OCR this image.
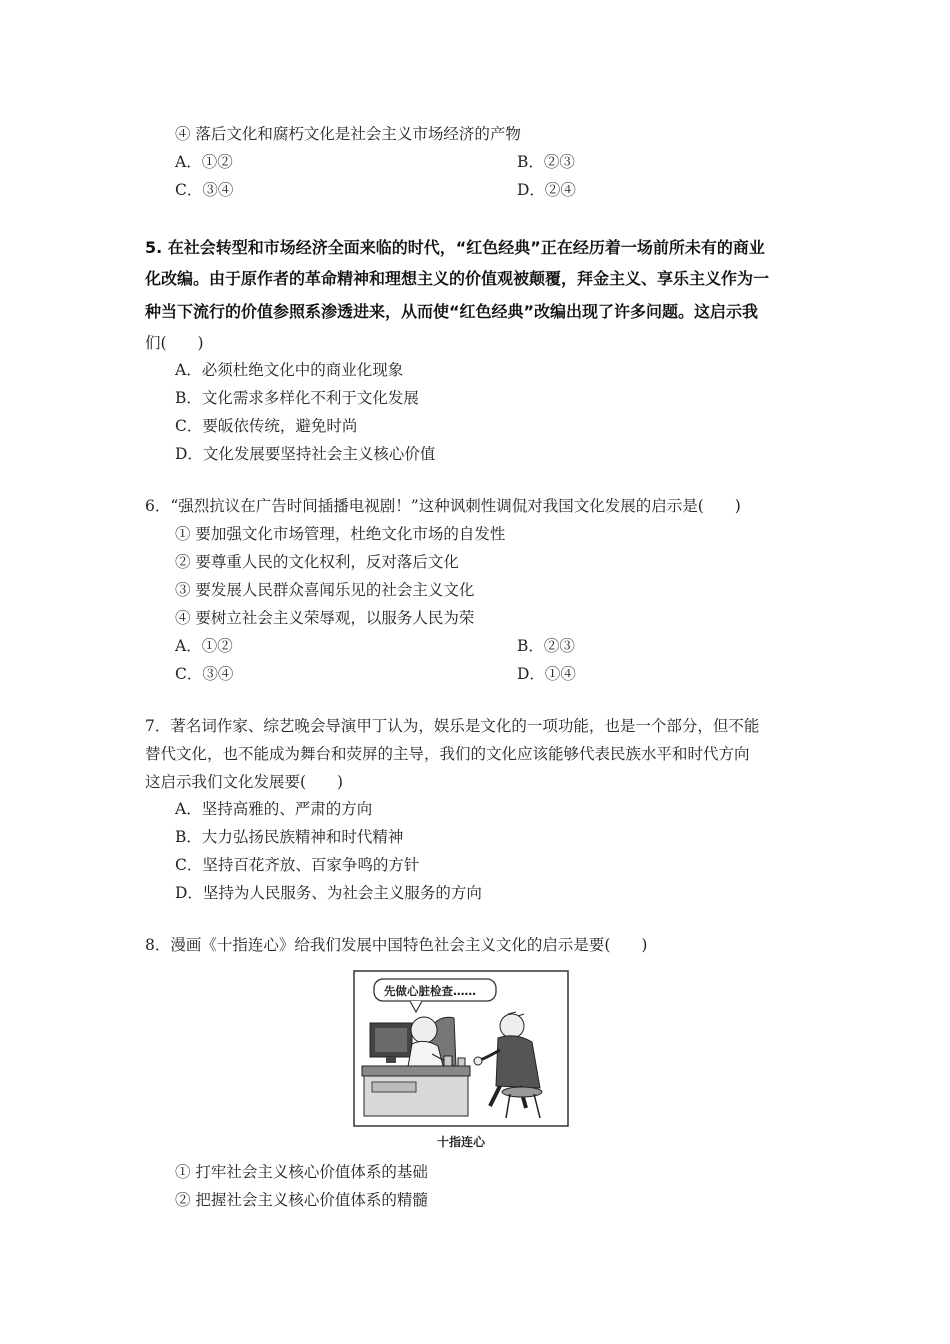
④ 落后文化和腐朽文化是社会主义市场经济的产物
A．①②	B．②③
C．③④	D．②④
5. 在社会转型和市场经济全面来临的时代，“红色经典”正在经历着一场前所未有的商业
化改编。由于原作者的革命精神和理想主义的价值观被颠覆，拜金主义、享乐主义作为一
种当下流行的价值参照系渗透进来，从而使“红色经典”改编出现了许多问题。这启示我
们(　　)
A．必须杜绝文化中的商业化现象
B．文化需求多样化不利于文化发展
C．要皈依传统，避免时尚
D．文化发展要坚持社会主义核心价值
6．“强烈抗议在广告时间插播电视剧！”这种讽刺性调侃对我国文化发展的启示是(　　)
① 要加强文化市场管理，杜绝文化市场的自发性
② 要尊重人民的文化权利，反对落后文化
③ 要发展人民群众喜闻乐见的社会主义文化
④ 要树立社会主义荣辱观，以服务人民为荣
A．①②	B．②③
C．③④	D．①④
7．著名词作家、综艺晚会导演甲丁认为，娱乐是文化的一项功能，也是一个部分，但不能
替代文化，也不能成为舞台和荧屏的主导，我们的文化应该能够代表民族水平和时代方向
这启示我们文化发展要(　　)
A．坚持高雅的、严肃的方向
B．大力弘扬民族精神和时代精神
C．坚持百花齐放、百家争鸣的方针
D．坚持为人民服务、为社会主义服务的方向
8．漫画《十指连心》给我们发展中国特色社会主义文化的启示是要(　　)
先做心脏检查……
十指连心
① 打牢社会主义核心价值体系的基础
② 把握社会主义核心价值体系的精髓
